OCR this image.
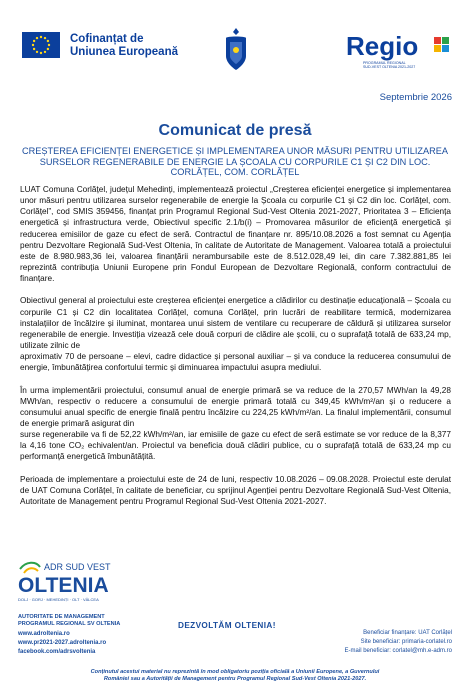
Cofinanțat de
Uniunea Europeană	Regio
PROGRAMUL REGIONAL
SUD-VEST OLTENIA 2021-2027
Septembrie 2026
Comunicat de presă
CREȘTEREA EFICIENȚEI ENERGETICE ȘI IMPLEMENTAREA UNOR MĂSURI PENTRU UTILIZAREA SURSELOR REGENERABILE DE ENERGIE LA ȘCOALA CU CORPURILE C1 ȘI C2 DIN LOC. CORLĂȚEL, COM. CORLĂȚEL

LUAT Comuna Corlățel, județul Mehedinți, implementează proiectul „Creșterea eficienței energetice și implementarea unor măsuri pentru utilizarea surselor regenerabile de energie la Școala cu corpurile C1 și C2 din loc. Corlățel, com. Corlățel”, cod SMIS 359456, finanțat prin Programul Regional Sud-Vest Oltenia 2021-2027, Prioritatea 3 – Eficiența energetică și infrastructura verde, Obiectivul specific 2.1/b(i) – Promovarea măsurilor de eficiență energetică și reducerea emisiilor de gaze cu efect de seră. Contractul de finanțare nr. 895/10.08.2026 a fost semnat cu Agenția pentru Dezvoltare Regională Sud-Vest Oltenia, în calitate de Autoritate de Management. Valoarea totală a proiectului este de 8.980.983,36 lei, valoarea finanțării nerambursabile este de 8.512.028,49 lei, din care 7.382.881,85 lei reprezintă contribuția Uniunii Europene prin Fondul European de Dezvoltare Regională, conform contractului de finanțare.

Obiectivul general al proiectului este creșterea eficienței energetice a clădirilor cu destinație educațională – Școala cu corpurile C1 și C2 din localitatea Corlățel, comuna Corlățel, prin lucrări de reabilitare termică, modernizarea instalațiilor de încălzire și iluminat, montarea unui sistem de ventilare cu recuperare de căldură și utilizarea surselor regenerabile de energie. Investiția vizează cele două corpuri de clădire ale școlii, cu o suprafață totală de 633,24 mp, utilizate zilnic de
aproximativ 70 de persoane – elevi, cadre didactice și personal auxiliar – și va conduce la reducerea consumului de energie, îmbunătățirea confortului termic și diminuarea impactului asupra mediului.

În urma implementării proiectului, consumul anual de energie primară se va reduce de la 270,57 MWh/an la 49,28 MWh/an, respectiv o reducere a consumului de energie primară totală cu 349,45 kWh/m²/an și o reducere a consumului anual specific de energie finală pentru încălzire cu 224,25 kWh/m²/an. La finalul implementării, consumul de energie primară asigurat din
surse regenerabile va fi de 52,22 kWh/m²/an, iar emisiile de gaze cu efect de seră estimate se vor reduce de la 8,377 la 4,16 tone CO₂ echivalent/an. Proiectul va beneficia două clădiri publice, cu o suprafață totală de 633,24 mp cu performanță energetică îmbunătățită.

Perioada de implementare a proiectului este de 24 de luni, respectiv 10.08.2026 – 09.08.2028. Proiectul este derulat de UAT Comuna Corlățel, în calitate de beneficiar, cu sprijinul Agenției pentru Dezvoltare Regională Sud-Vest Oltenia, Autoritate de Management pentru Programul Regional Sud-Vest Oltenia 2021-2027.

ADR SUD VEST
OLTENIA
DOLJ · GORJ · MEHEDINȚI · OLT · VÂLCEA
AUTORITATE DE MANAGEMENT
PROGRAMUL REGIONAL SV OLTENIA
www.adroltenia.ro
www.pr2021-2027.adroltenia.ro
facebook.com/adrsvoltenia
DEZVOLTĂM OLTENIA!
Beneficiar finanțare: UAT Corlățel
Site beneficiar: primaria-corlatel.ro
E-mail beneficiar: corlatel@mh.e-adm.ro
Conținutul acestui material nu reprezintă în mod obligatoriu poziția oficială a Uniunii Europene, a Guvernului
României sau a Autorității de Management pentru Programul Regional Sud-Vest Oltenia 2021-2027.
